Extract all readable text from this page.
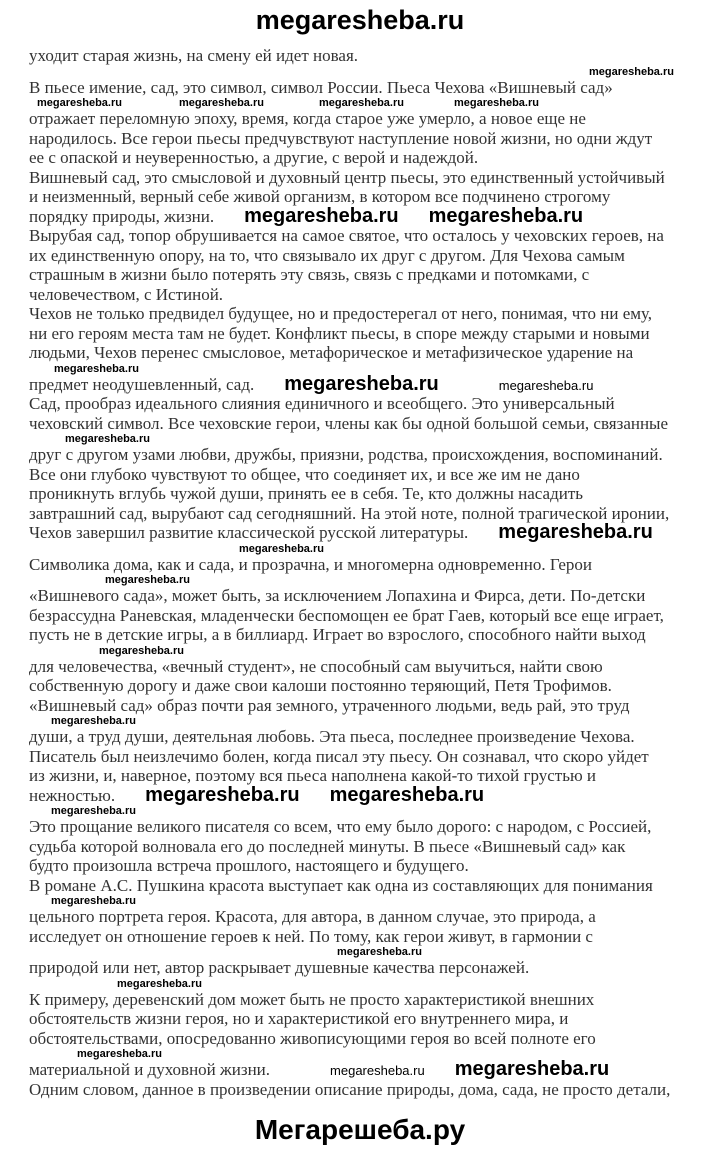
megaresheba.ru
уходит старая жизнь, на смену ей идет новая.
megaresheba.ru
В пьесе имение, сад, это символ, символ России. Пьеса Чехова «Вишневый сад»
megaresheba.ru	megaresheba.ru	megaresheba.ru	megaresheba.ru
отражает переломную эпоху, время, когда старое уже умерло, а новое еще не
народилось. Все герои пьесы предчувствуют наступление новой жизни, но одни ждут
ее с опаской и неуверенностью, а другие, с верой и надеждой.
Вишневый сад, это смысловой и духовный центр пьесы, это единственный устойчивый
и неизменный, верный себе живой организм, в котором все подчинено строгому
порядку природы, жизни. megaresheba.ru megaresheba.ru
Вырубая сад, топор обрушивается на самое святое, что осталось у чеховских героев, на
их единственную опору, на то, что связывало их друг с другом. Для Чехова самым
страшным в жизни было потерять эту связь, связь с предками и потомками, с
человечеством, с Истиной.
Чехов не только предвидел будущее, но и предостерегал от него, понимая, что ни ему,
ни его героям места там не будет. Конфликт пьесы, в споре между старыми и новыми
людьми, Чехов перенес смысловое, метафорическое и метафизическое ударение на
megaresheba.ru
предмет неодушевленный, сад. megaresheba.ru	megaresheba.ru
Сад, прообраз идеального слияния единичного и всеобщего. Это универсальный
чеховский символ. Все чеховские герои, члены как бы одной большой семьи, связанные
megaresheba.ru
друг с другом узами любви, дружбы, приязни, родства, происхождения, воспоминаний.
Все они глубоко чувствуют то общее, что соединяет их, и все же им не дано
проникнуть вглубь чужой души, принять ее в себя. Те, кто должны насадить
завтрашний сад, вырубают сад сегодняшний. На этой ноте, полной трагической иронии,
Чехов завершил развитие классической русской литературы. megaresheba.ru
megaresheba.ru
Символика дома, как и сада, и прозрачна, и многомерна одновременно. Герои
megaresheba.ru
«Вишневого сада», может быть, за исключением Лопахина и Фирса, дети. По-детски
безрассудна Раневская, младенчески беспомощен ее брат Гаев, который все еще играет,
пусть не в детские игры, а в биллиард. Играет во взрослого, способного найти выход
megaresheba.ru
для человечества, «вечный студент», не способный сам выучиться, найти свою
собственную дорогу и даже свои калоши постоянно теряющий, Петя Трофимов.
«Вишневый сад» образ почти рая земного, утраченного людьми, ведь рай, это труд
megaresheba.ru
души, а труд души, деятельная любовь. Эта пьеса, последнее произведение Чехова.
Писатель был неизлечимо болен, когда писал эту пьесу. Он сознавал, что скоро уйдет
из жизни, и, наверное, поэтому вся пьеса наполнена какой-то тихой грустью и
нежностью. megaresheba.ru megaresheba.ru
megaresheba.ru
Это прощание великого писателя со всем, что ему было дорого: с народом, с Россией,
судьба которой волновала его до последней минуты. В пьесе «Вишневый сад» как
будто произошла встреча прошлого, настоящего и будущего.
В романе А.С. Пушкина красота выступает как одна из составляющих для понимания
megaresheba.ru
цельного портрета героя. Красота, для автора, в данном случае, это природа, а
исследует он отношение героев к ней. По тому, как герои живут, в гармонии с
megaresheba.ru
природой или нет, автор раскрывает душевные качества персонажей.
megaresheba.ru
К примеру, деревенский дом может быть не просто характеристикой внешних
обстоятельств жизни героя, но и характеристикой его внутреннего мира, и
обстоятельствами, опосредованно живописующими героя во всей полноте его
megaresheba.ru
материальной и духовной жизни.	megaresheba.ru megaresheba.ru
Одним словом, данное в произведении описание природы, дома, сада, не просто детали,
Мегарешеба.ру
